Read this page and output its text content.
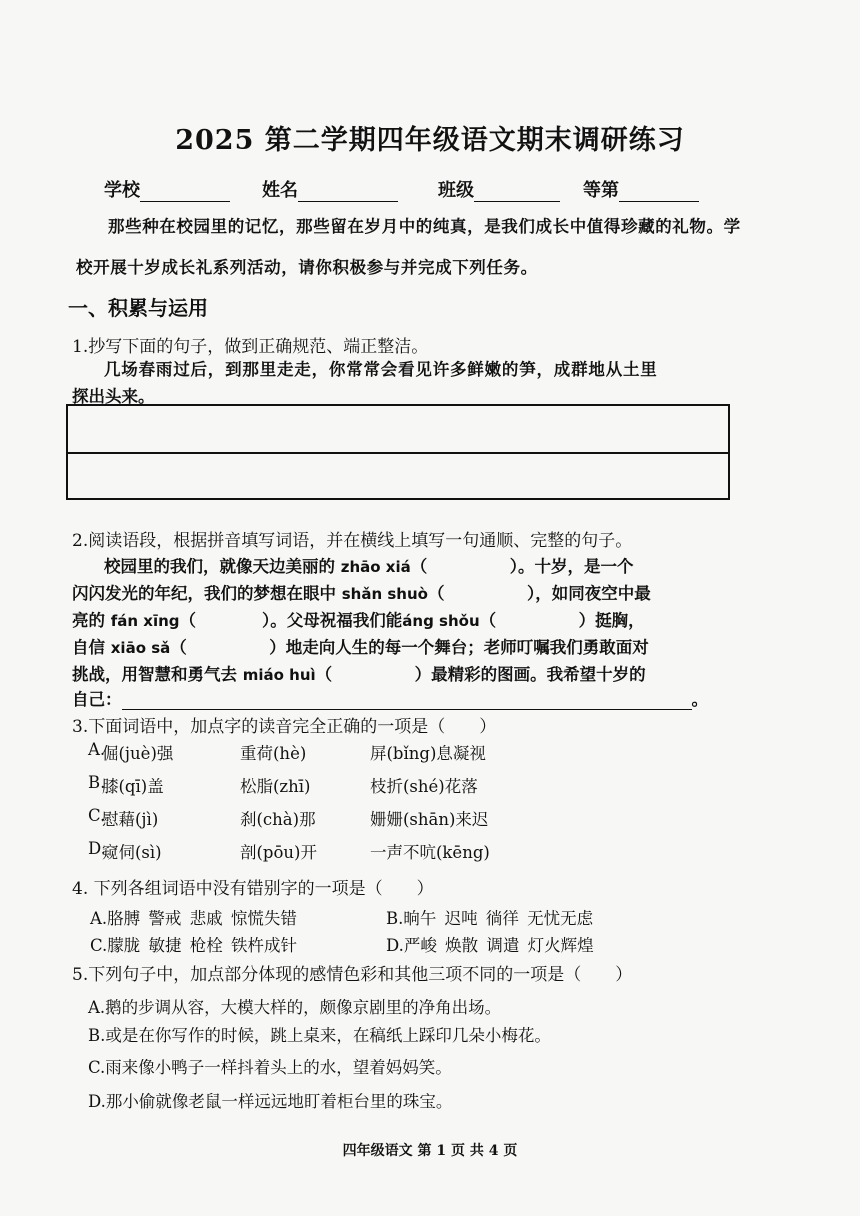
2025 第二学期四年级语文期末调研练习
学校	姓名	班级	等第
那些种在校园里的记忆，那些留在岁月中的纯真，是我们成长中值得珍藏的礼物。学
校开展十岁成长礼系列活动，请你积极参与并完成下列任务。
一、积累与运用
1.抄写下面的句子，做到正确规范、端正整洁。
几场春雨过后，到那里走走，你常常会看见许多鲜嫩的笋，成群地从土里
探出头来。
2.阅读语段，根据拼音填写词语，并在横线上填写一句通顺、完整的句子。
校园里的我们，就像天边美丽的 zhāo xiá（　　　　　）。十岁，是一个
闪闪发光的年纪，我们的梦想在眼中 shǎn shuò（　　　　　），如同夜空中最
亮的 fán xīng（　　　　）。父母祝福我们能áng shǒu（　　　　　）挺胸，
自信 xiāo sǎ（　　　　　）地走向人生的每一个舞台；老师叮嘱我们勇敢面对
挑战，用智慧和勇气去 miáo huì（　　　　　）最精彩的图画。我希望十岁的
自己：	。
3.下面词语中，加点字的读音完全正确的一项是（　　）
A.
倔(juè)强	重荷(hè)	屏(bǐng)息凝视
B.
膝(qī)盖	松脂(zhī)	枝折(shé)花落
C.
慰藉(jì)	刹(chà)那	姗姗(shān)来迟
D.
窥伺(sì)	剖(pōu)开	一声不吭(kēng)
4. 下列各组词语中没有错别字的一项是（　　）
A.胳膊 警戒 悲戚 惊慌失错	B.晌午 迟吨 徜徉 无忧无虑
C.朦胧 敏捷 枪栓 铁杵成针	D.严峻 焕散 调遣 灯火辉煌
5.下列句子中，加点部分体现的感情色彩和其他三项不同的一项是（　　）
A.鹅的步调从容，大模大样的，颇像京剧里的净角出场。
B.或是在你写作的时候，跳上桌来，在稿纸上踩印几朵小梅花。
C.雨来像小鸭子一样抖着头上的水，望着妈妈笑。
D.那小偷就像老鼠一样远远地盯着柜台里的珠宝。
四年级语文 第 1 页 共 4 页
